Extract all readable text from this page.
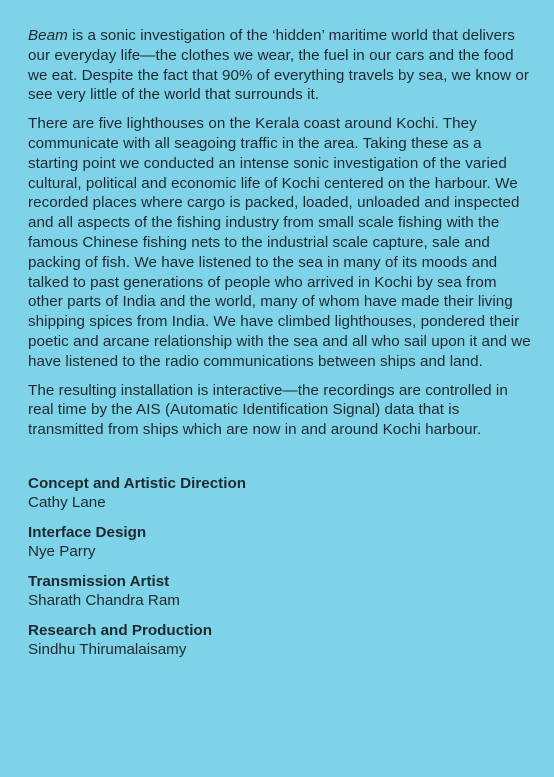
Beam is a sonic investigation of the ‘hidden’ maritime world that delivers our everyday life—the clothes we wear, the fuel in our cars and the food we eat. Despite the fact that 90% of everything travels by sea, we know or see very little of the world that surrounds it.

There are five lighthouses on the Kerala coast around Kochi. They communicate with all seagoing traffic in the area. Taking these as a starting point we conducted an intense sonic investigation of the varied cultural, political and economic life of Kochi centered on the harbour. We recorded places where cargo is packed, loaded, unloaded and inspected and all aspects of the fishing industry from small scale fishing with the famous Chinese fishing nets to the industrial scale capture, sale and packing of fish. We have listened to the sea in many of its moods and talked to past generations of people who arrived in Kochi by sea from other parts of India and the world, many of whom have made their living shipping spices from India. We have climbed lighthouses, pondered their poetic and arcane relationship with the sea and all who sail upon it and we have listened to the radio communications between ships and land.

The resulting installation is interactive—the recordings are controlled in real time by the AIS (Automatic Identification Signal) data that is transmitted from ships which are now in and around Kochi harbour.

Concept and Artistic Direction
Cathy Lane
Interface Design
Nye Parry
Transmission Artist
Sharath Chandra Ram
Research and Production
Sindhu Thirumalaisamy
